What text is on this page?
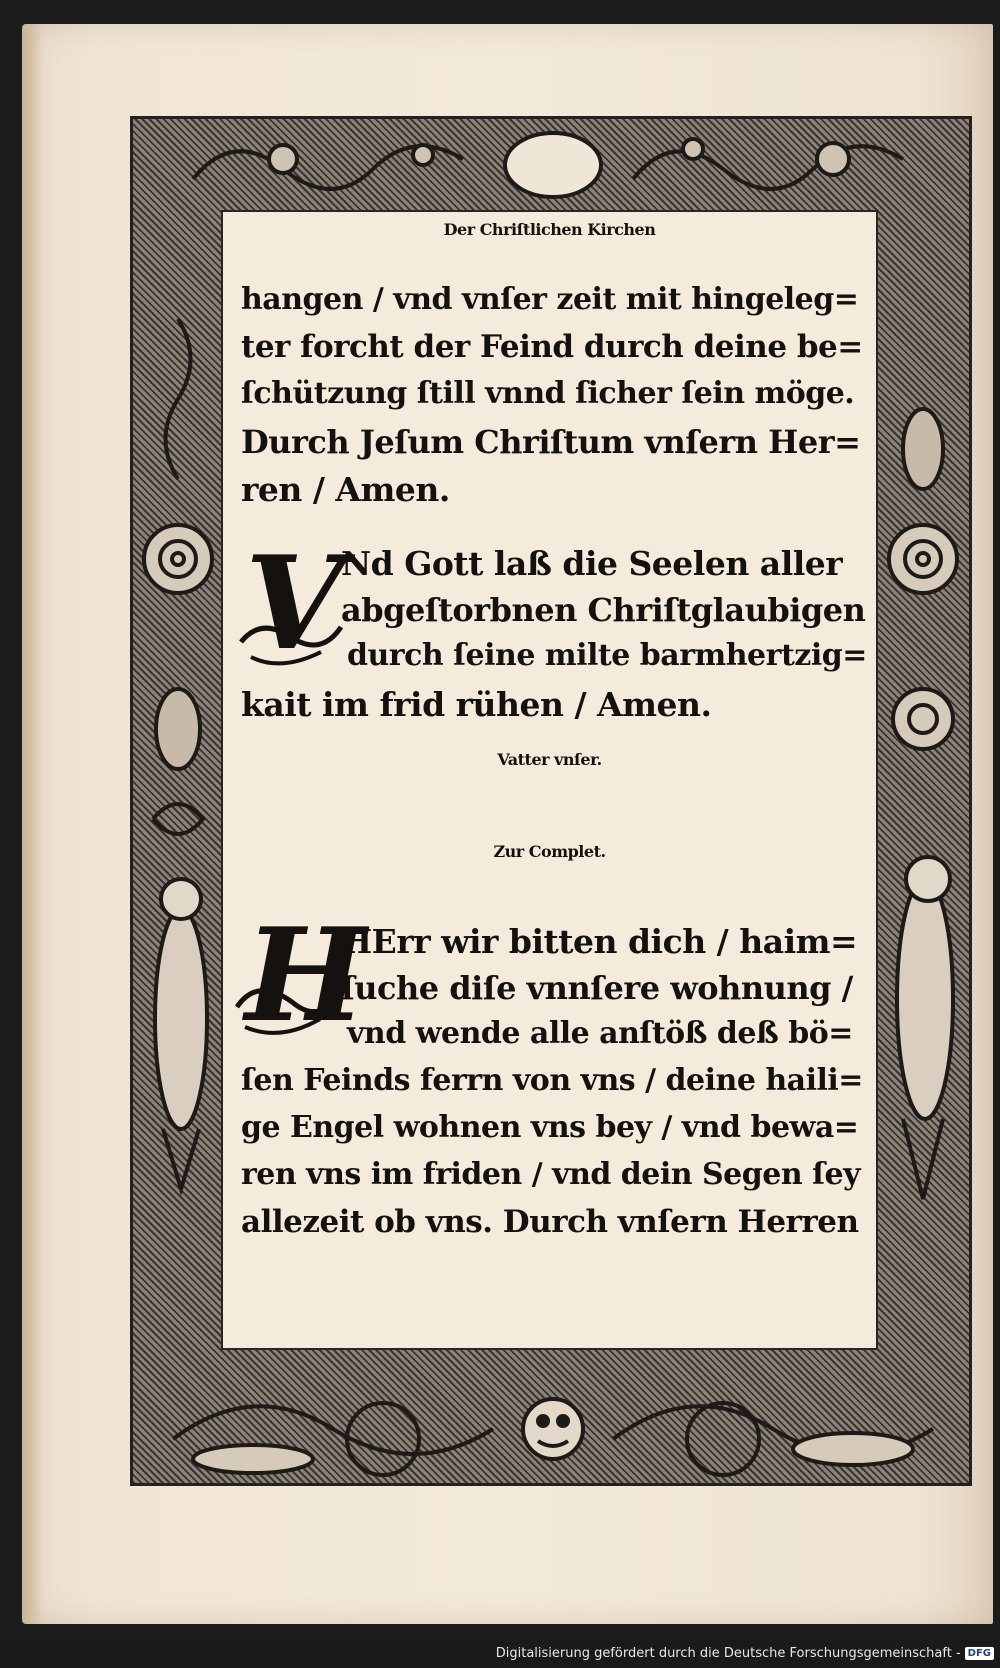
Der Chriſtlichen Kirchen
hangen / vnd vnſer zeit mit hingeleg=
ter forcht der Feind durch deine be=
ſchützung ſtill vnnd ſicher ſein möge.
Durch Jeſum Chriſtum vnſern Her=
ren / Amen.
V
Nd Gott laß die Seelen aller
abgeſtorbnen Chriſtglaubigen
durch ſeine milte barmhertzig=
kait im frid rühen / Amen.
Vatter vnſer.
Zur Complet.
H
HErr wir bitten dich / haim=
ſuche diſe vnnſere wohnung /
vnd wende alle anſtöß deß bö=
ſen Feinds ferrn von vns / deine haili=
ge Engel wohnen vns bey / vnd bewa=
ren vns im friden / vnd dein Segen ſey
allezeit ob vns. Durch vnſern Herren
Digitalisierung gefördert durch die Deutsche Forschungsgemeinschaft - DFG
